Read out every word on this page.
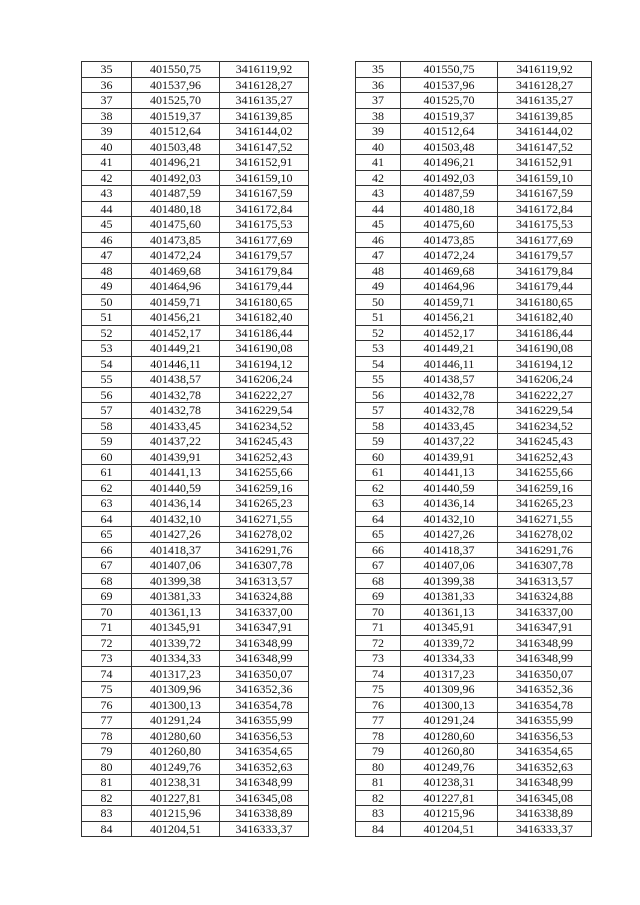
35	401550,75	3416119,92		35	401550,75	3416119,92
36	401537,96	3416128,27		36	401537,96	3416128,27
37	401525,70	3416135,27		37	401525,70	3416135,27
38	401519,37	3416139,85		38	401519,37	3416139,85
39	401512,64	3416144,02		39	401512,64	3416144,02
40	401503,48	3416147,52		40	401503,48	3416147,52
41	401496,21	3416152,91		41	401496,21	3416152,91
42	401492,03	3416159,10		42	401492,03	3416159,10
43	401487,59	3416167,59		43	401487,59	3416167,59
44	401480,18	3416172,84		44	401480,18	3416172,84
45	401475,60	3416175,53		45	401475,60	3416175,53
46	401473,85	3416177,69		46	401473,85	3416177,69
47	401472,24	3416179,57		47	401472,24	3416179,57
48	401469,68	3416179,84		48	401469,68	3416179,84
49	401464,96	3416179,44		49	401464,96	3416179,44
50	401459,71	3416180,65		50	401459,71	3416180,65
51	401456,21	3416182,40		51	401456,21	3416182,40
52	401452,17	3416186,44		52	401452,17	3416186,44
53	401449,21	3416190,08		53	401449,21	3416190,08
54	401446,11	3416194,12		54	401446,11	3416194,12
55	401438,57	3416206,24		55	401438,57	3416206,24
56	401432,78	3416222,27		56	401432,78	3416222,27
57	401432,78	3416229,54		57	401432,78	3416229,54
58	401433,45	3416234,52		58	401433,45	3416234,52
59	401437,22	3416245,43		59	401437,22	3416245,43
60	401439,91	3416252,43		60	401439,91	3416252,43
61	401441,13	3416255,66		61	401441,13	3416255,66
62	401440,59	3416259,16		62	401440,59	3416259,16
63	401436,14	3416265,23		63	401436,14	3416265,23
64	401432,10	3416271,55		64	401432,10	3416271,55
65	401427,26	3416278,02		65	401427,26	3416278,02
66	401418,37	3416291,76		66	401418,37	3416291,76
67	401407,06	3416307,78		67	401407,06	3416307,78
68	401399,38	3416313,57		68	401399,38	3416313,57
69	401381,33	3416324,88		69	401381,33	3416324,88
70	401361,13	3416337,00		70	401361,13	3416337,00
71	401345,91	3416347,91		71	401345,91	3416347,91
72	401339,72	3416348,99		72	401339,72	3416348,99
73	401334,33	3416348,99		73	401334,33	3416348,99
74	401317,23	3416350,07		74	401317,23	3416350,07
75	401309,96	3416352,36		75	401309,96	3416352,36
76	401300,13	3416354,78		76	401300,13	3416354,78
77	401291,24	3416355,99		77	401291,24	3416355,99
78	401280,60	3416356,53		78	401280,60	3416356,53
79	401260,80	3416354,65		79	401260,80	3416354,65
80	401249,76	3416352,63		80	401249,76	3416352,63
81	401238,31	3416348,99		81	401238,31	3416348,99
82	401227,81	3416345,08		82	401227,81	3416345,08
83	401215,96	3416338,89		83	401215,96	3416338,89
84	401204,51	3416333,37		84	401204,51	3416333,37
